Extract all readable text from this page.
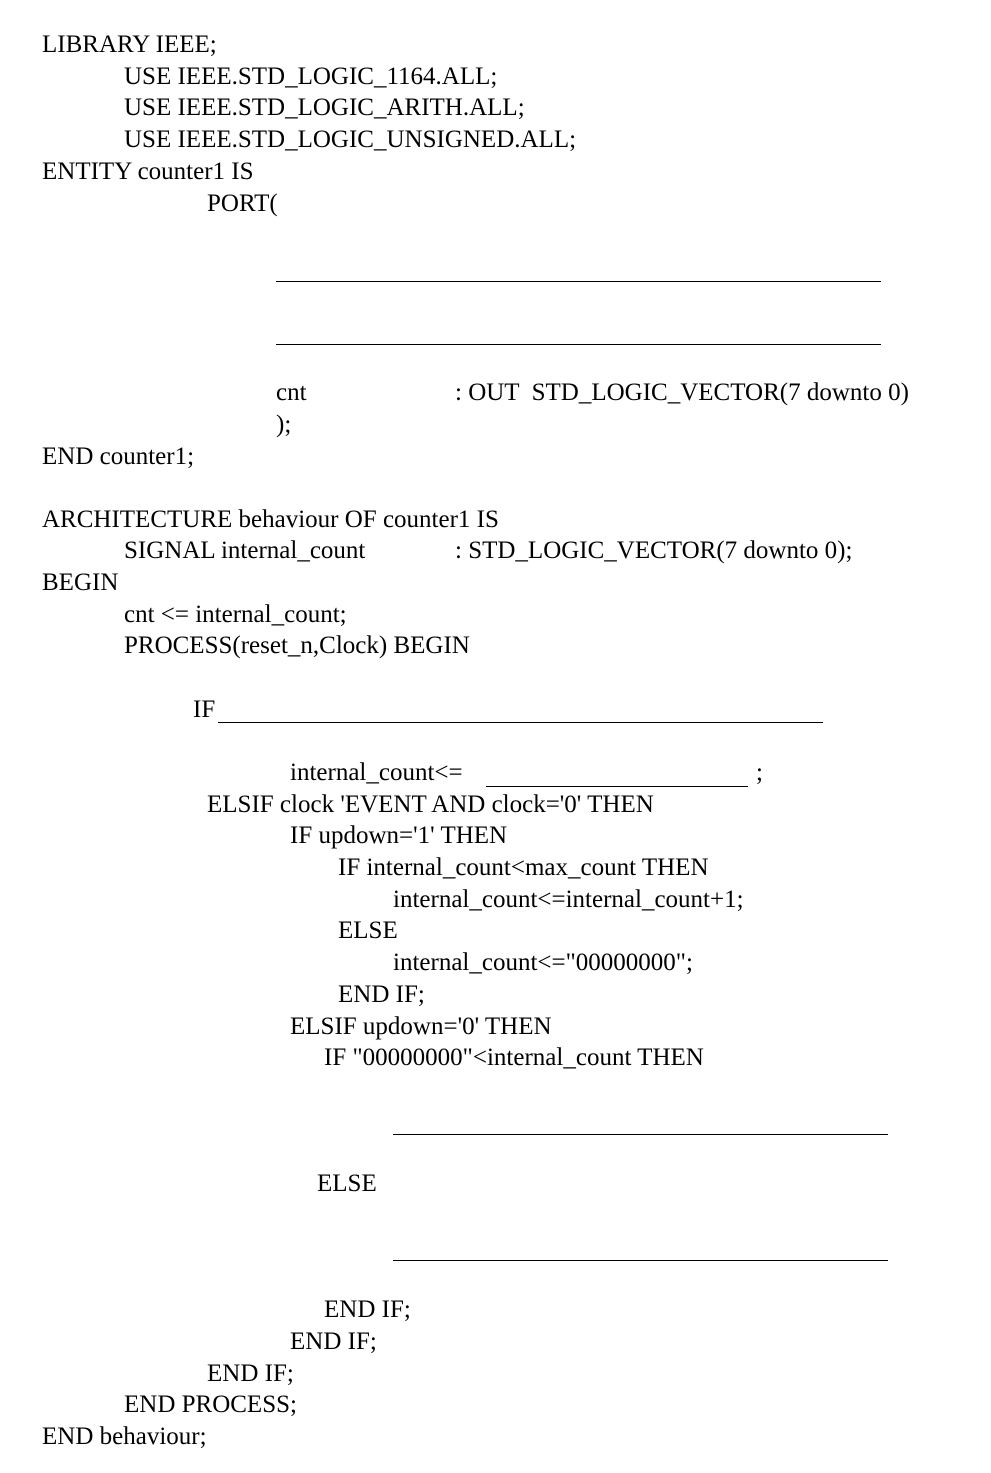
LIBRARY IEEE;
USE IEEE.STD_LOGIC_1164.ALL;
USE IEEE.STD_LOGIC_ARITH.ALL;
USE IEEE.STD_LOGIC_UNSIGNED.ALL;
ENTITY counter1 IS
PORT(
cnt	: OUT  STD_LOGIC_VECTOR(7 downto 0)
);
END counter1;
ARCHITECTURE behaviour OF counter1 IS
SIGNAL internal_count	: STD_LOGIC_VECTOR(7 downto 0);
BEGIN
cnt <= internal_count;
PROCESS(reset_n,Clock) BEGIN
IF
internal_count<=	;
ELSIF clock 'EVENT AND clock='0' THEN
IF updown='1' THEN
IF internal_count<max_count THEN
internal_count<=internal_count+1;
ELSE
internal_count<="00000000";
END IF;
ELSIF updown='0' THEN
IF "00000000"<internal_count THEN
ELSE
END IF;
END IF;
END IF;
END PROCESS;
END behaviour;
